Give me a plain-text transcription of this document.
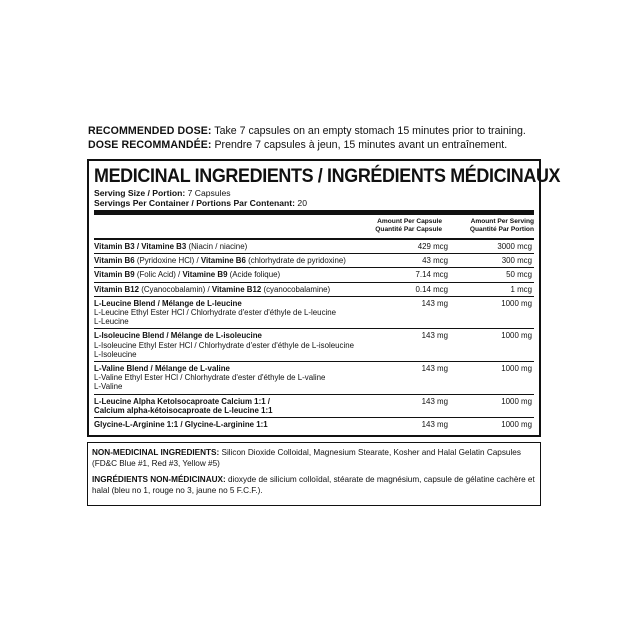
RECOMMENDED DOSE: Take 7 capsules on an empty stomach 15 minutes prior to training.
DOSE RECOMMANDÉE: Prendre 7 capsules à jeun, 15 minutes avant un entraînement.
MEDICINAL INGREDIENTS / INGRÉDIENTS MÉDICINAUX
Serving Size / Portion: 7 Capsules
Servings Per Container / Portions Par Contenant: 20
Amount Per Capsule
Quantité Par Capsule
Amount Per Serving
Quantité Par Portion
Vitamin B3 / Vitamine B3 (Niacin / niacine)	429 mcg	3000 mcg
Vitamin B6 (Pyridoxine HCl) / Vitamine B6 (chlorhydrate de pyridoxine)	43 mcg	300 mcg
Vitamin B9 (Folic Acid) / Vitamine B9 (Acide folique)	7.14 mcg	50 mcg
Vitamin B12 (Cyanocobalamin) / Vitamine B12 (cyanocobalamine)	0.14 mcg	1 mcg
L-Leucine Blend / Mélange de L-leucine
L-Leucine Ethyl Ester HCl / Chlorhydrate d'ester d'éthyle de L-leucine
L-Leucine
143 mg	1000 mg
L-Isoleucine Blend / Mélange de L-isoleucine
L-Isoleucine Ethyl Ester HCl / Chlorhydrate d'ester d'éthyle de L-isoleucine
L-Isoleucine
143 mg	1000 mg
L-Valine Blend / Mélange de L-valine
L-Valine Ethyl Ester HCl / Chlorhydrate d'ester d'éthyle de L-valine
L-Valine
143 mg	1000 mg
L-Leucine Alpha Ketolsocaproate Calcium 1:1 /
Calcium alpha-kétoisocaproate de L-leucine 1:1
143 mg	1000 mg
Glycine-L-Arginine 1:1 / Glycine-L-arginine 1:1	143 mg	1000 mg

NON-MEDICINAL INGREDIENTS: Silicon Dioxide Colloidal, Magnesium Stearate, Kosher and Halal Gelatin Capsules (FD&C Blue #1, Red #3, Yellow #5)

INGRÉDIENTS NON-MÉDICINAUX: dioxyde de silicium colloïdal, stéarate de magnésium, capsule de gélatine cachère et halal (bleu no 1, rouge no 3, jaune no 5 F.C.F.).
